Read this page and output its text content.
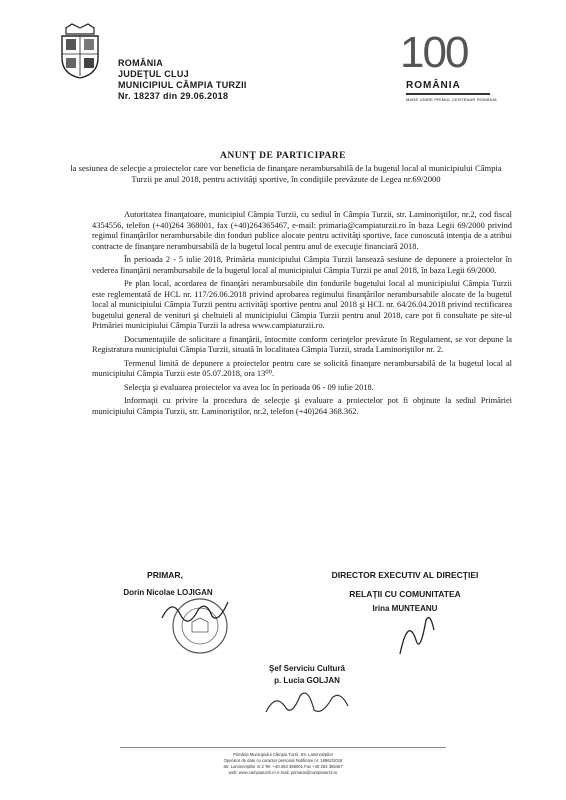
ROMÂNIA
JUDEŢUL CLUJ
MUNICIPIUL CÂMPIA TURZII
Nr. 18237 din 29.06.2018
100
ROMÂNIA
MARE UNIRE PRIMUL CENTENAR ROMÂNIA
ANUNŢ DE PARTICIPARE
la sesiunea de selecţie a proiectelor care vor beneficia de finanţare nerambursabilă de la bugetul local al municipiului Câmpia Turzii pe anul 2018, pentru activităţi sportive, în condiţiile prevăzute de Legea nr.69/2000

Autoritatea finanţatoare, municipiul Câmpia Turzii, cu sediul în Câmpia Turzii, str. Laminoriştilor, nr.2, cod fiscal 4354556, telefon (+40)264 368001, fax (+40)264365467, e-mail: primaria@campiaturzii.ro în baza Legii 69/2000 privind regimul finanţărilor nerambursabile din fonduri publice alocate pentru activităţi sportive, face cunoscută intenţia de a atribui contracte de finanţare nerambursabilă de la bugetul local pentru anul de execuţie financiară 2018.

În perioada 2 - 5 iulie 2018, Primăria municipiului Câmpia Turzii lansează sesiune de depunere a proiectelor în vederea finanţării nerambursabile de la bugetul local al municipiului Câmpia Turzii pe anul 2018, în baza Legii 69/2000.

Pe plan local, acordarea de finanţări nerambursabile din fondurile bugetului local al municipiului Câmpia Turzii este reglementată de HCL nr. 117/26.06.2018 privind aprobarea regimului finanţărilor nerambursabile alocate de la bugetul local al municipiului Câmpia Turzii pentru activităţi sportive pentru anul 2018 şi HCL nr. 64/26.04.2018 privind rectificarea bugetului general de venituri şi cheltuieli al municipiului Câmpia Turzii pentru anul 2018, care pot fi consultate pe site-ul Primăriei municipiului Câmpia Turzii la adresa www.campiaturzii.ro.

Documentaţiile de solicitare a finanţării, întocmite conform cerinţelor prevăzute în Regulament, se vor depune la Registratura municipiului Câmpia Turzii, situată în localitatea Câmpia Turzii, strada Laminoriştilor nr. 2.

Termenul limită de depunere a proiectelor pentru care se solicită finanţare nerambursabilă de la bugetul local al municipiului Câmpia Turzii este 05.07.2018, ora 13⁰⁰.

Selecţia şi evaluarea proiectelor va avea loc în perioada 06 - 09 iulie 2018.

Informaţii cu privire la procedura de selecţie şi evaluare a proiectelor pot fi obţinute la sediul Primăriei municipiului Câmpia Turzii, str. Laminoriştilor, nr.2, telefon (+40)264 368.362.

PRIMAR,
Dorin Nicolae LOJIGAN
DIRECTOR EXECUTIV AL DIRECŢIEI
RELAŢII CU COMUNITATEA
Irina MUNTEANU
Şef Serviciu Cultură
p. Lucia GOLJAN
Primăria Municipiului Câmpia Turzii, Str. Laminoriştilor
Operator de date cu caracter personal Notificare nr. 18962/2018
Str. Laminoriştilor nr.2 Tel. +40 264 368001 Fax +40 264 365467
web: www.campiaturzii.ro e-mail: primaria@campiaturzii.ro
